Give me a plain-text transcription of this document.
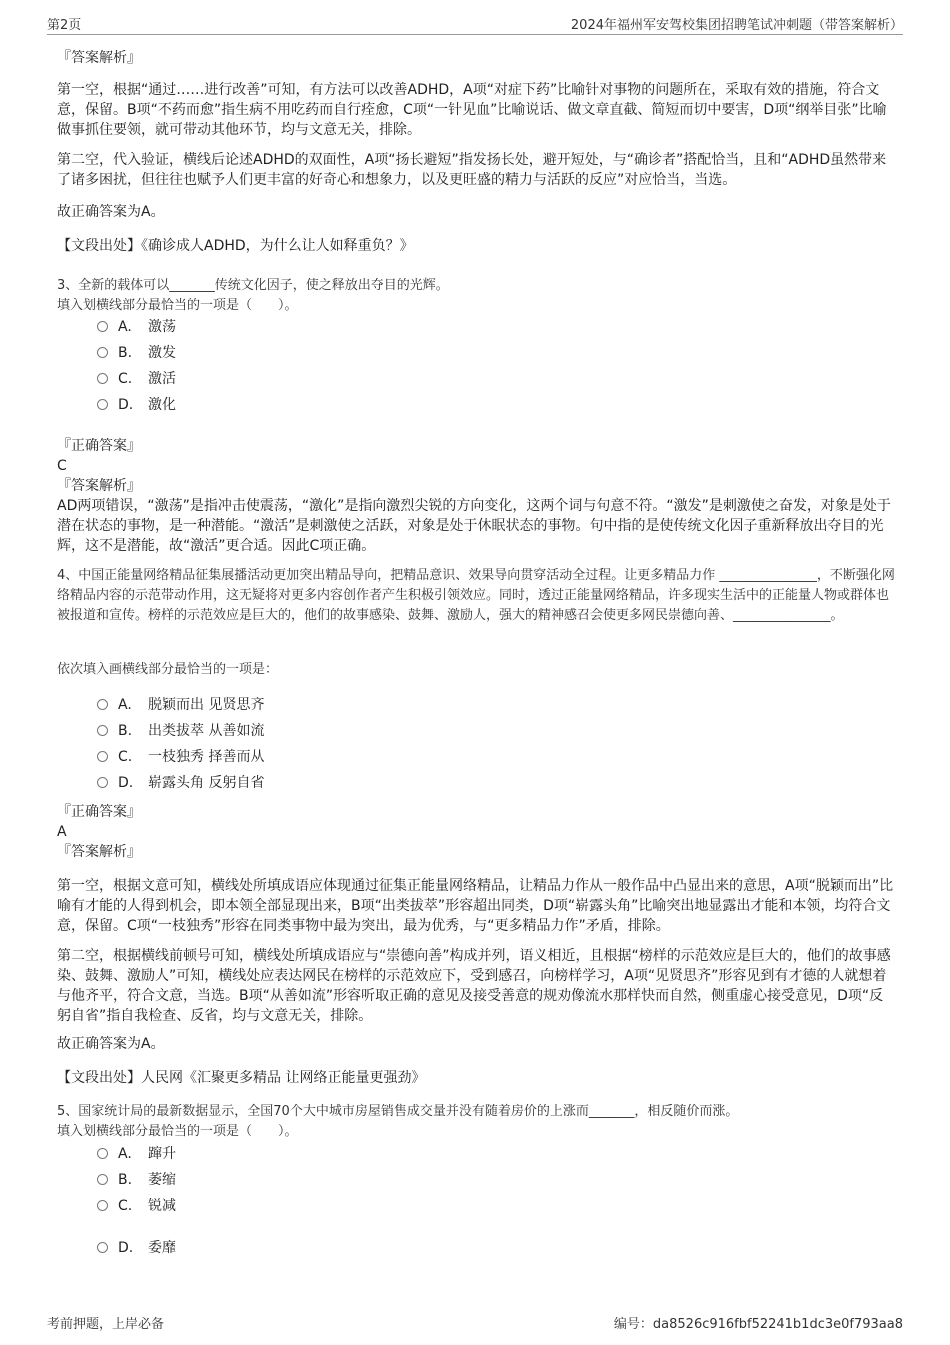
第2页	2024年福州军安驾校集团招聘笔试冲刺题（带答案解析）
『答案解析』
第一空，根据“通过……进行改善”可知，有方法可以改善ADHD，A项“对症下药”比喻针对事物的问题所在，采取有效的措施，符合文意，保留。B项“不药而愈”指生病不用吃药而自行痊愈，C项“一针见血”比喻说话、做文章直截、简短而切中要害，D项“纲举目张”比喻做事抓住要领，就可带动其他环节，均与文意无关，排除。
第二空，代入验证，横线后论述ADHD的双面性，A项“扬长避短”指发扬长处，避开短处，与“确诊者”搭配恰当，且和“ADHD虽然带来了诸多困扰，但往往也赋予人们更丰富的好奇心和想象力，以及更旺盛的精力与活跃的反应”对应恰当，当选。
故正确答案为A。
【文段出处】《确诊成人ADHD，为什么让人如释重负？》
3、全新的载体可以_______传统文化因子，使之释放出夺目的光辉。
填入划横线部分最恰当的一项是（　　）。
A. 激荡
B. 激发
C. 激活
D. 激化
『正确答案』
C
『答案解析』
AD两项错误，“激荡”是指冲击使震荡，“激化”是指向激烈尖锐的方向变化，这两个词与句意不符。“激发”是刺激使之奋发，对象是处于潜在状态的事物，是一种潜能。“激活”是刺激使之活跃，对象是处于休眠状态的事物。句中指的是使传统文化因子重新释放出夺目的光辉，这不是潜能，故“激活”更合适。因此C项正确。
4、中国正能量网络精品征集展播活动更加突出精品导向，把精品意识、效果导向贯穿活动全过程。让更多精品力作 _______________，不断强化网络精品内容的示范带动作用，这无疑将对更多内容创作者产生积极引领效应。同时，透过正能量网络精品，许多现实生活中的正能量人物或群体也被报道和宣传。榜样的示范效应是巨大的，他们的故事感染、鼓舞、激励人，强大的精神感召会使更多网民崇德向善、_______________。
依次填入画横线部分最恰当的一项是：
A. 脱颖而出 见贤思齐
B. 出类拔萃 从善如流
C. 一枝独秀 择善而从
D. 崭露头角 反躬自省
『正确答案』
A
『答案解析』
第一空，根据文意可知，横线处所填成语应体现通过征集正能量网络精品，让精品力作从一般作品中凸显出来的意思，A项“脱颖而出”比喻有才能的人得到机会，即本领全部显现出来，B项“出类拔萃”形容超出同类，D项“崭露头角”比喻突出地显露出才能和本领，均符合文意，保留。C项“一枝独秀”形容在同类事物中最为突出，最为优秀，与“更多精品力作”矛盾，排除。
第二空，根据横线前顿号可知，横线处所填成语应与“崇德向善”构成并列，语义相近，且根据“榜样的示范效应是巨大的，他们的故事感染、鼓舞、激励人”可知，横线处应表达网民在榜样的示范效应下，受到感召，向榜样学习，A项“见贤思齐”形容见到有才德的人就想着与他齐平，符合文意，当选。B项“从善如流”形容听取正确的意见及接受善意的规劝像流水那样快而自然，侧重虚心接受意见，D项“反躬自省”指自我检查、反省，均与文意无关，排除。
故正确答案为A。
【文段出处】人民网《汇聚更多精品 让网络正能量更强劲》
5、国家统计局的最新数据显示，全国70个大中城市房屋销售成交量并没有随着房价的上涨而_______，相反随价而涨。
填入划横线部分最恰当的一项是（　　）。
A. 蹿升
B. 萎缩
C. 锐减
D. 委靡
考前押题，上岸必备	编号：da8526c916fbf52241b1dc3e0f793aa8
